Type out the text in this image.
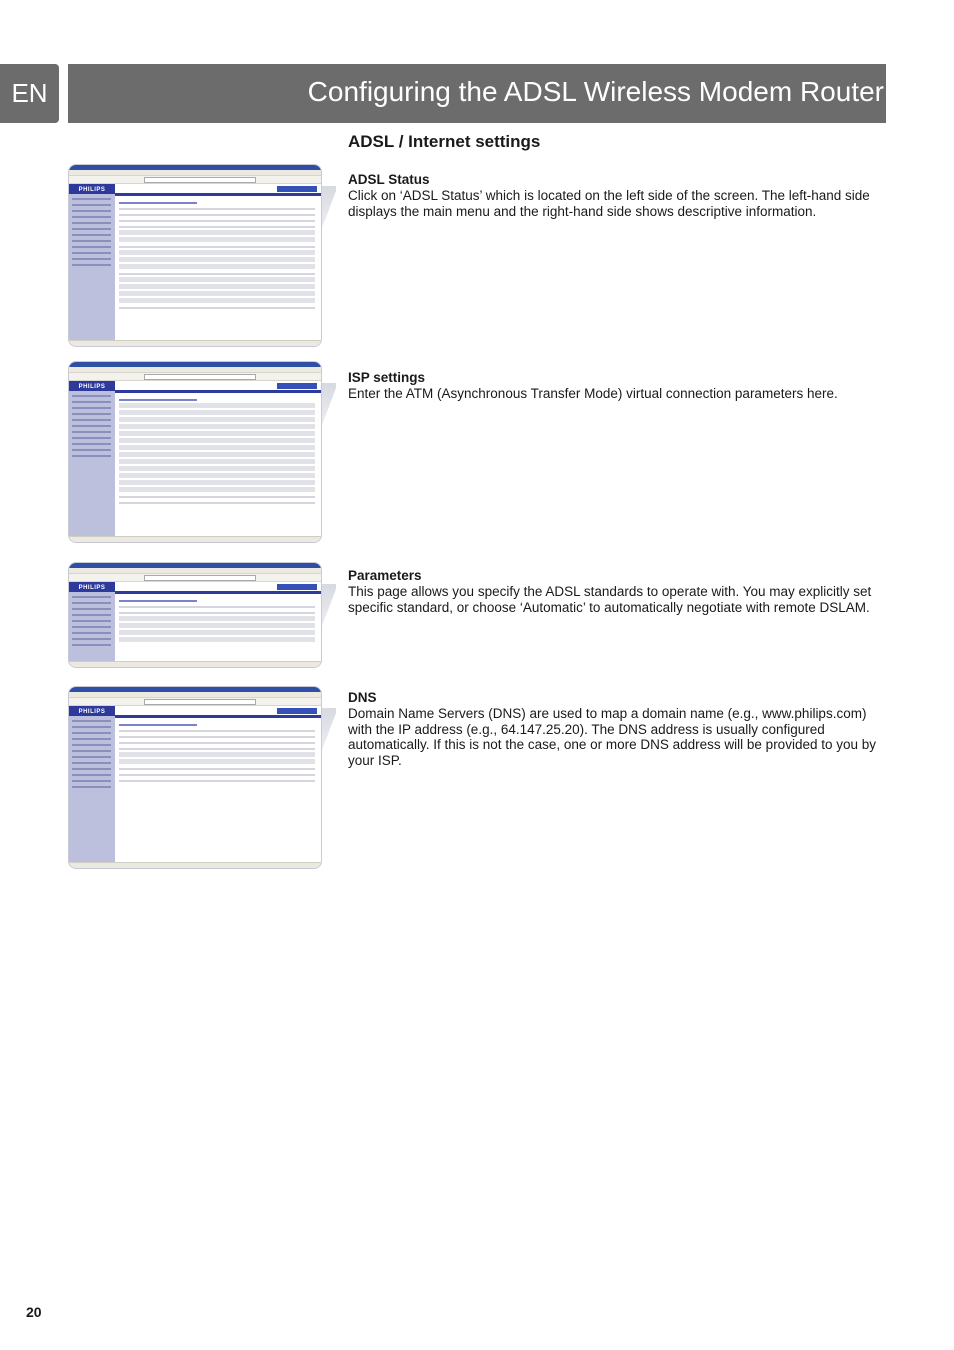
EN	Configuring the ADSL Wireless Modem Router
ADSL / Internet settings
PHILIPS
PHILIPS
PHILIPS
PHILIPS
ADSL Status

Click on ‘ADSL Status’ which is located on the left side of the screen. The left-hand side displays the main menu and the right-hand side shows descriptive information.

ISP settings

Enter the ATM (Asynchronous Transfer Mode) virtual connection parameters here.

Parameters

This page allows you specify the ADSL standards to operate with. You may explicitly set specific standard, or choose ‘Automatic’ to automatically negotiate with remote DSLAM.

DNS

Domain Name Servers (DNS) are used to map a domain name (e.g., www.philips.com) with the IP address (e.g., 64.147.25.20). The DNS address is usually configured automatically. If this is not the case, one or more DNS address will be provided to you by your ISP.

20
